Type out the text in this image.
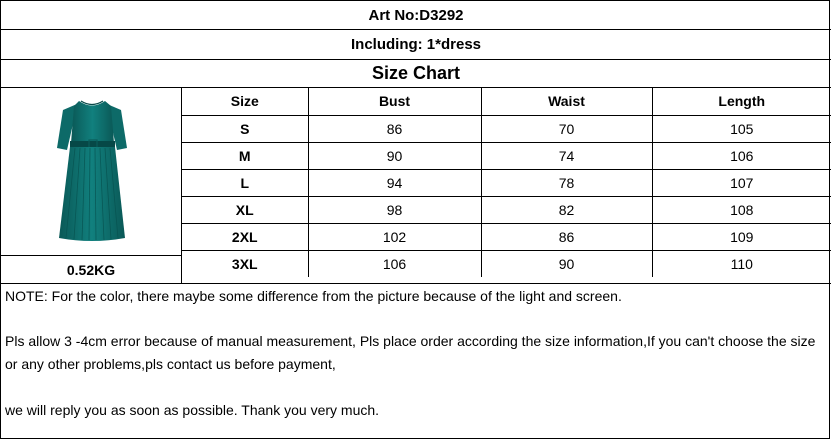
Art No:D3292
Including: 1*dress
Size Chart
0.52KG
Size	Bust	Waist	Length
S	86	70	105
M	90	74	106
L	94	78	107
XL	98	82	108
2XL	102	86	109
3XL	106	90	110

NOTE: For the color, there maybe some difference from the picture because of the light and screen.

Pls allow 3 -4cm error because of manual measurement, Pls place order according the size information,If you can't choose the size or any other problems,pls contact us before payment,

we will reply you as soon as possible. Thank you very much.
